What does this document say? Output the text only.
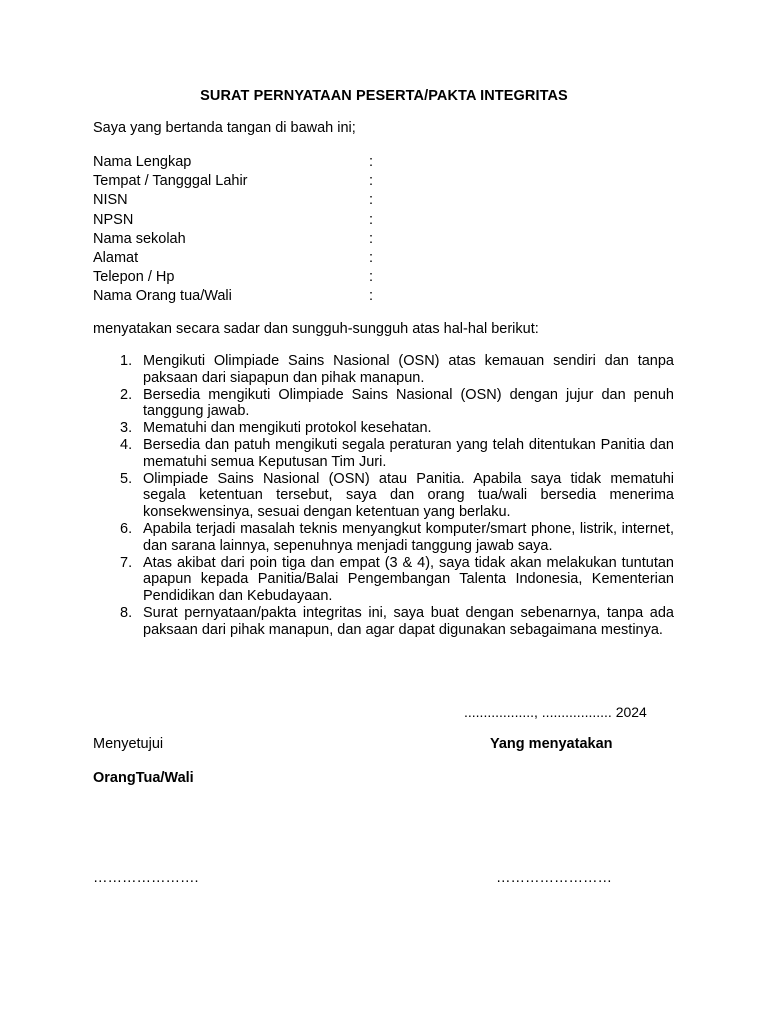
SURAT PERNYATAAN PESERTA/PAKTA INTEGRITAS
Saya yang bertanda tangan di bawah ini;
Nama Lengkap	:
Tempat / Tangggal Lahir	:
NISN	:
NPSN	:
Nama sekolah	:
Alamat	:
Telepon / Hp	:
Nama Orang tua/Wali	:
menyatakan secara sadar dan sungguh-sungguh atas hal-hal berikut:
1. Mengikuti Olimpiade Sains Nasional (OSN) atas kemauan sendiri dan tanpa paksaan dari siapapun dan pihak manapun.
2. Bersedia mengikuti Olimpiade Sains Nasional (OSN) dengan jujur dan penuh tanggung jawab.
3. Mematuhi dan mengikuti protokol kesehatan.
4. Bersedia dan patuh mengikuti segala peraturan yang telah ditentukan Panitia dan mematuhi semua Keputusan Tim Juri.
5. Olimpiade Sains Nasional (OSN) atau Panitia. Apabila saya tidak mematuhi segala ketentuan tersebut, saya dan orang tua/wali bersedia menerima konsekwensinya, sesuai dengan ketentuan yang berlaku.
6. Apabila terjadi masalah teknis menyangkut komputer/smart phone, listrik, internet, dan sarana lainnya, sepenuhnya menjadi tanggung jawab saya.
7. Atas akibat dari poin tiga dan empat (3 & 4), saya tidak akan melakukan tuntutan apapun kepada Panitia/Balai Pengembangan Talenta Indonesia, Kementerian Pendidikan dan Kebudayaan.
8. Surat pernyataan/pakta integritas ini, saya buat dengan sebenarnya, tanpa ada paksaan dari pihak manapun, dan agar dapat digunakan sebagaimana mestinya.
.................., .................. 2024
Menyetujui	Yang menyatakan
OrangTua/Wali
………………….	……………………
